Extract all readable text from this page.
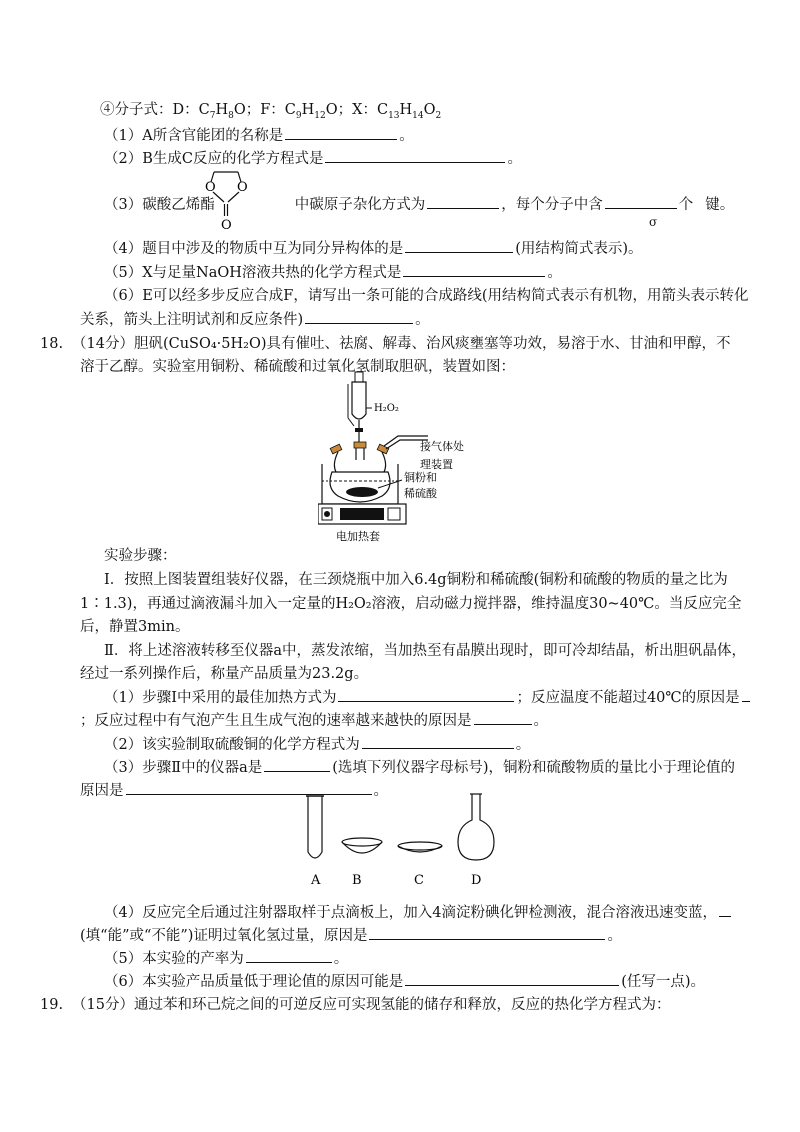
④分子式：D：$C_7H_8O$；F：$C_9H_{12}O$；X：$C_{13}H_{14}O_2$
（1）A所含官能团的名称是	。
（2）B生成C反应的化学方程式是	。
（3）碳酸乙烯酯	中碳原子杂化方式为	，每个分子中含	个 键。
σ
O O
O
（4）题目中涉及的物质中互为同分异构体的是	(用结构简式表示)。
（5）X与足量NaOH溶液共热的化学方程式是	。
（6）E可以经多步反应合成F，请写出一条可能的合成路线(用结构简式表示有机物，用箭头表示转化
关系，箭头上注明试剂和反应条件)	。
18. （14分）胆矾(CuSO₄·5H₂O)具有催吐、祛腐、解毒、治风痰壅塞等功效，易溶于水、甘油和甲醇，不
溶于乙醇。实验室用铜粉、稀硫酸和过氧化氢制取胆矾，装置如图：
H₂O₂
接气体处
理装置
铜粉和
稀硫酸
电加热套
实验步骤：
Ⅰ．按照上图装置组装好仪器，在三颈烧瓶中加入6.4g铜粉和稀硫酸(铜粉和硫酸的物质的量之比为
1∶1.3)，再通过滴液漏斗加入一定量的H₂O₂溶液，启动磁力搅拌器，维持温度30~40℃。当反应完全
后，静置3min。
Ⅱ．将上述溶液转移至仪器a中，蒸发浓缩，当加热至有晶膜出现时，即可冷却结晶，析出胆矾晶体，
经过一系列操作后，称量产品质量为23.2g。
（1）步骤Ⅰ中采用的最佳加热方式为	；反应温度不能超过40℃的原因是
；反应过程中有气泡产生且生成气泡的速率越来越快的原因是	。
（2）该实验制取硫酸铜的化学方程式为	。
（3）步骤Ⅱ中的仪器a是	(选填下列仪器字母标号)，铜粉和硫酸物质的量比小于理论值的
原因是	。
A B	C	D
（4）反应完全后通过注射器取样于点滴板上，加入4滴淀粉碘化钾检测液，混合溶液迅速变蓝，
(填“能”或“不能”)证明过氧化氢过量，原因是	。
（5）本实验的产率为	。
（6）本实验产品质量低于理论值的原因可能是	(任写一点)。
19. （15分）通过苯和环己烷之间的可逆反应可实现氢能的储存和释放，反应的热化学方程式为：
